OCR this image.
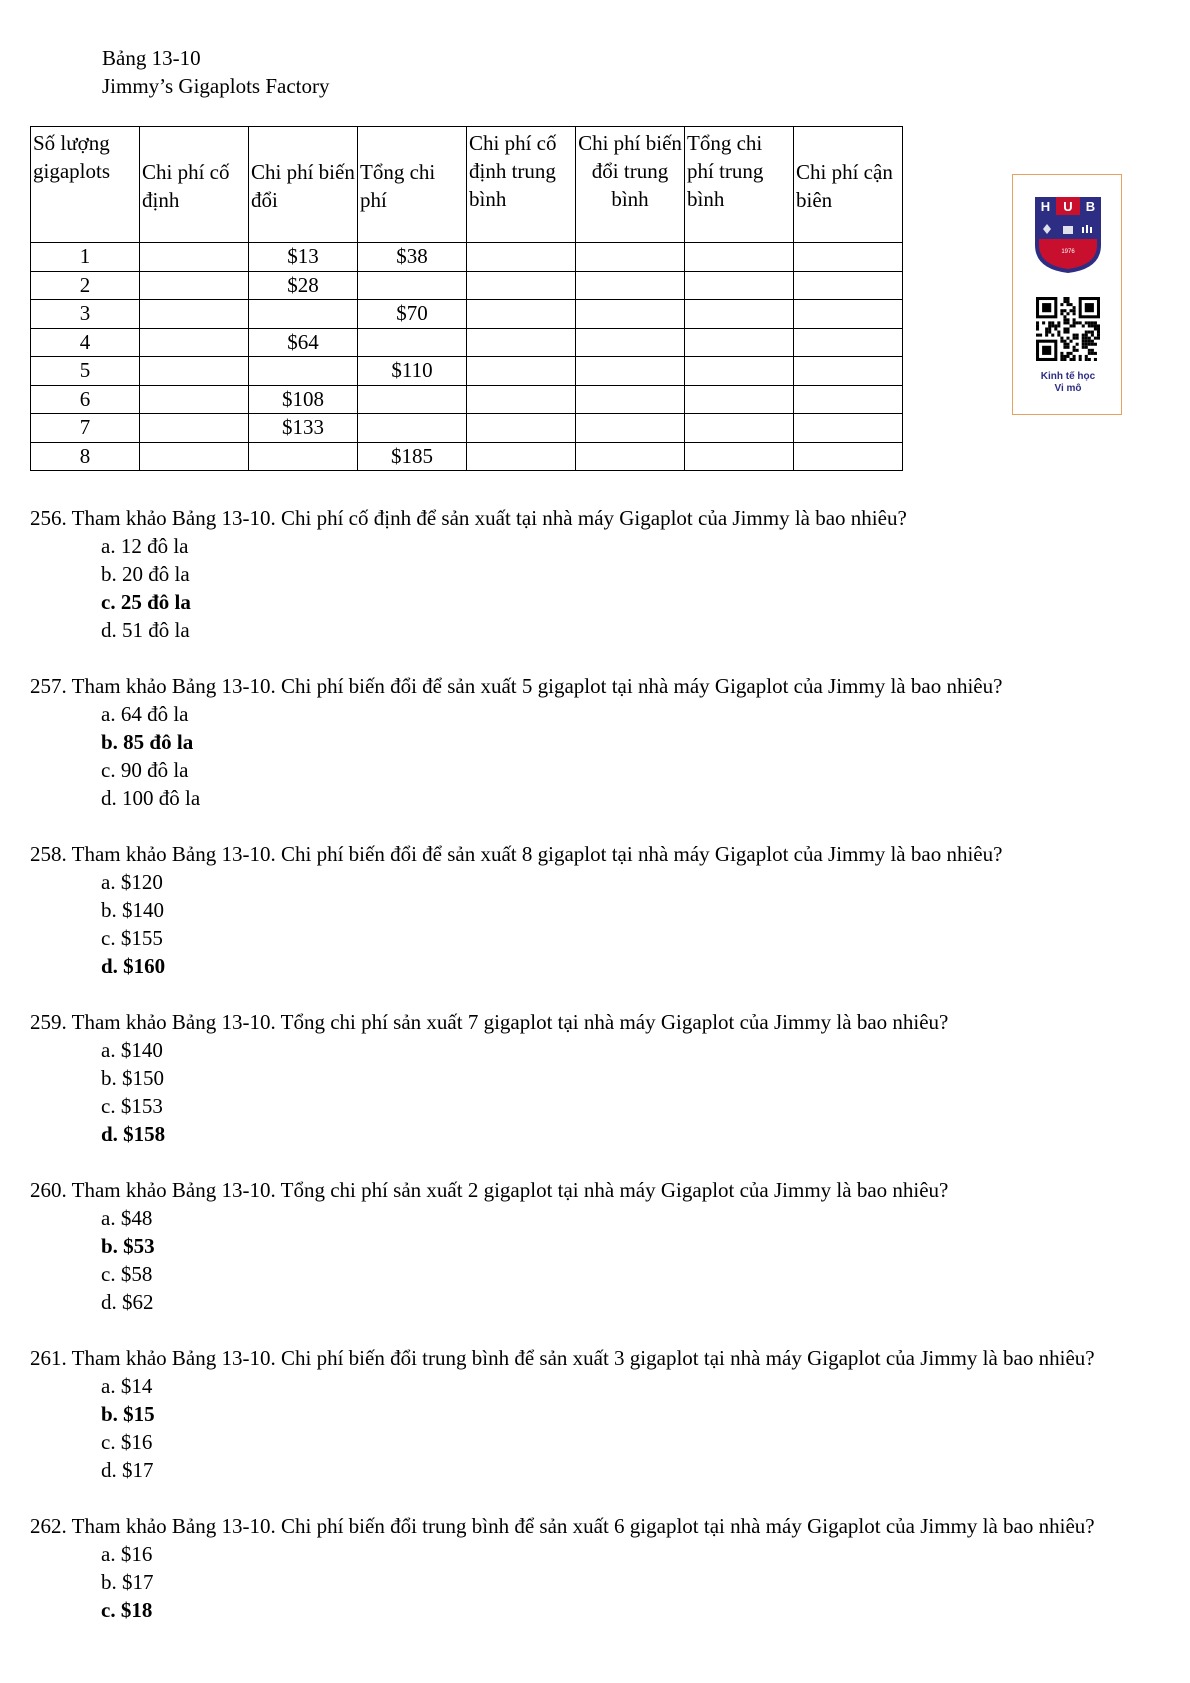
Bảng 13-10
Jimmy’s Gigaplots Factory
Số lượng gigaplots	Chi phí cố định	Chi phí biến đổi	Tổng chi phí	Chi phí cố định trung bình	Chi phí biến đổi trung bình	Tổng chi phí trung bình	Chi phí cận biên
1		$13	$38				
2		$28					
3			$70				
4		$64					
5			$110				
6		$108					
7		$133					
8			$185				
H U B
1976
Kinh tế học
Vi mô

256. Tham khảo Bảng 13-10. Chi phí cố định để sản xuất tại nhà máy Gigaplot của Jimmy là bao nhiêu?

a. 12 đô la
b. 20 đô la
c. 25 đô la
d. 51 đô la

257. Tham khảo Bảng 13-10. Chi phí biến đổi để sản xuất 5 gigaplot tại nhà máy Gigaplot của Jimmy là bao nhiêu?

a. 64 đô la
b. 85 đô la
c. 90 đô la
d. 100 đô la

258. Tham khảo Bảng 13-10. Chi phí biến đổi để sản xuất 8 gigaplot tại nhà máy Gigaplot của Jimmy là bao nhiêu?

a. $120
b. $140
c. $155
d. $160

259. Tham khảo Bảng 13-10. Tổng chi phí sản xuất 7 gigaplot tại nhà máy Gigaplot của Jimmy là bao nhiêu?

a. $140
b. $150
c. $153
d. $158

260. Tham khảo Bảng 13-10. Tổng chi phí sản xuất 2 gigaplot tại nhà máy Gigaplot của Jimmy là bao nhiêu?

a. $48
b. $53
c. $58
d. $62

261. Tham khảo Bảng 13-10. Chi phí biến đổi trung bình để sản xuất 3 gigaplot tại nhà máy Gigaplot của Jimmy là bao nhiêu?

a. $14
b. $15
c. $16
d. $17

262. Tham khảo Bảng 13-10. Chi phí biến đổi trung bình để sản xuất 6 gigaplot tại nhà máy Gigaplot của Jimmy là bao nhiêu?

a. $16
b. $17
c. $18
